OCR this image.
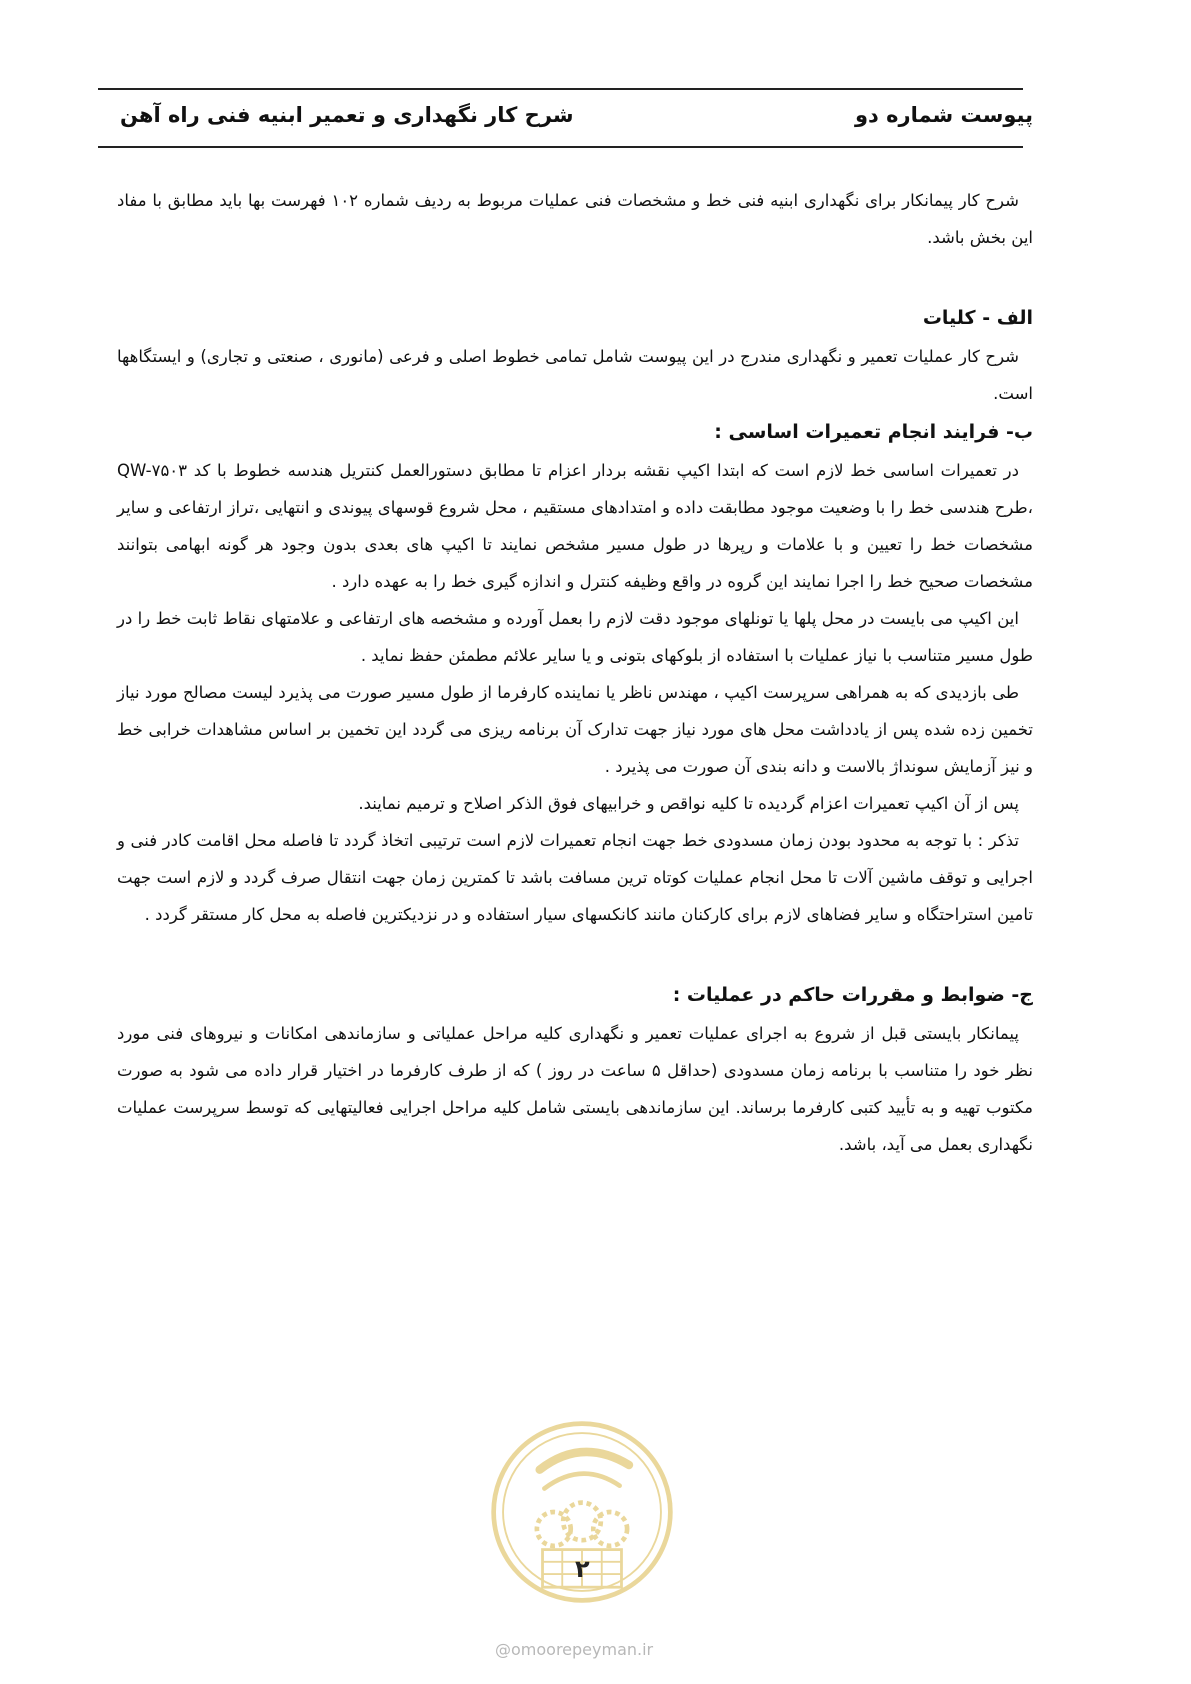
پیوست شماره دو
شرح کار نگهداری و تعمیر ابنیه فنی راه آهن

شرح کار پیمانکار برای نگهداری ابنیه فنی خط و مشخصات فنی عملیات مربوط به ردیف شماره ۱۰۲ فهرست بها باید مطابق با مفاد این بخش باشد.

الف - کلیات

شرح کار عملیات تعمیر و نگهداری مندرج در این پیوست شامل تمامی خطوط اصلی و فرعی (مانوری ، صنعتی و تجاری) و ایستگاهها است.

ب- فرایند انجام تعمیرات اساسی :

در تعمیرات اساسی خط لازم است که ابتدا اکیپ نقشه بردار اعزام تا مطابق دستورالعمل کنتریل هندسه خطوط با کد QW-۷۵۰۳ ،طرح هندسی خط را با وضعیت موجود مطابقت داده و امتدادهای مستقیم ، محل شروع قوسهای پیوندی و انتهایی ،تراز ارتفاعی و سایر مشخصات خط را تعیین و با علامات و رپرها در طول مسیر مشخص نمایند تا اکیپ های بعدی بدون وجود هر گونه ابهامی بتوانند مشخصات صحیح خط را اجرا نمایند این گروه در واقع وظیفه کنترل و اندازه گیری خط را به عهده دارد .

این اکیپ می بایست در محل پلها یا تونلهای موجود دقت لازم را بعمل آورده و مشخصه های ارتفاعی و علامتهای نقاط ثابت خط را در طول مسیر متناسب با نیاز عملیات با استفاده از بلوکهای بتونی و یا سایر علائم مطمئن حفظ نماید .

طی بازدیدی که به همراهی سرپرست اکیپ ، مهندس ناظر یا نماینده کارفرما از طول مسیر صورت می پذیرد لیست مصالح مورد نیاز تخمین زده شده پس از یادداشت محل های مورد نیاز جهت تدارک آن برنامه ریزی می گردد این تخمین بر اساس مشاهدات خرابی خط و نیز آزمایش سونداژ بالاست و دانه بندی آن صورت می پذیرد .

پس از آن اکیپ تعمیرات اعزام گردیده تا کلیه نواقص و خرابیهای فوق الذکر اصلاح و ترمیم نمایند.

تذکر : با توجه به محدود بودن زمان مسدودی خط جهت انجام تعمیرات لازم است ترتیبی اتخاذ گردد تا فاصله محل اقامت کادر فنی و اجرایی و توقف ماشین آلات تا محل انجام عملیات کوتاه ترین مسافت باشد تا کمترین زمان جهت انتقال صرف گردد و لازم است جهت تامین استراحتگاه و سایر فضاهای لازم برای کارکنان مانند کانکسهای سیار استفاده و در نزدیکترین فاصله به محل کار مستقر گردد .

ج- ضوابط و مقررات حاکم در عملیات :

پیمانکار بایستی قبل از شروع به اجرای عملیات تعمیر و نگهداری کلیه مراحل عملیاتی و سازماندهی امکانات و نیروهای فنی مورد نظر خود را متناسب با برنامه زمان مسدودی (حداقل ۵ ساعت در روز ) که از طرف کارفرما در اختیار قرار داده می شود به صورت مکتوب تهیه و به تأیید کتبی کارفرما برساند. این سازماندهی بایستی شامل کلیه مراحل اجرایی فعالیتهایی که توسط سرپرست عملیات نگهداری بعمل می آید، باشد.

۲
@omoorepeyman.ir
